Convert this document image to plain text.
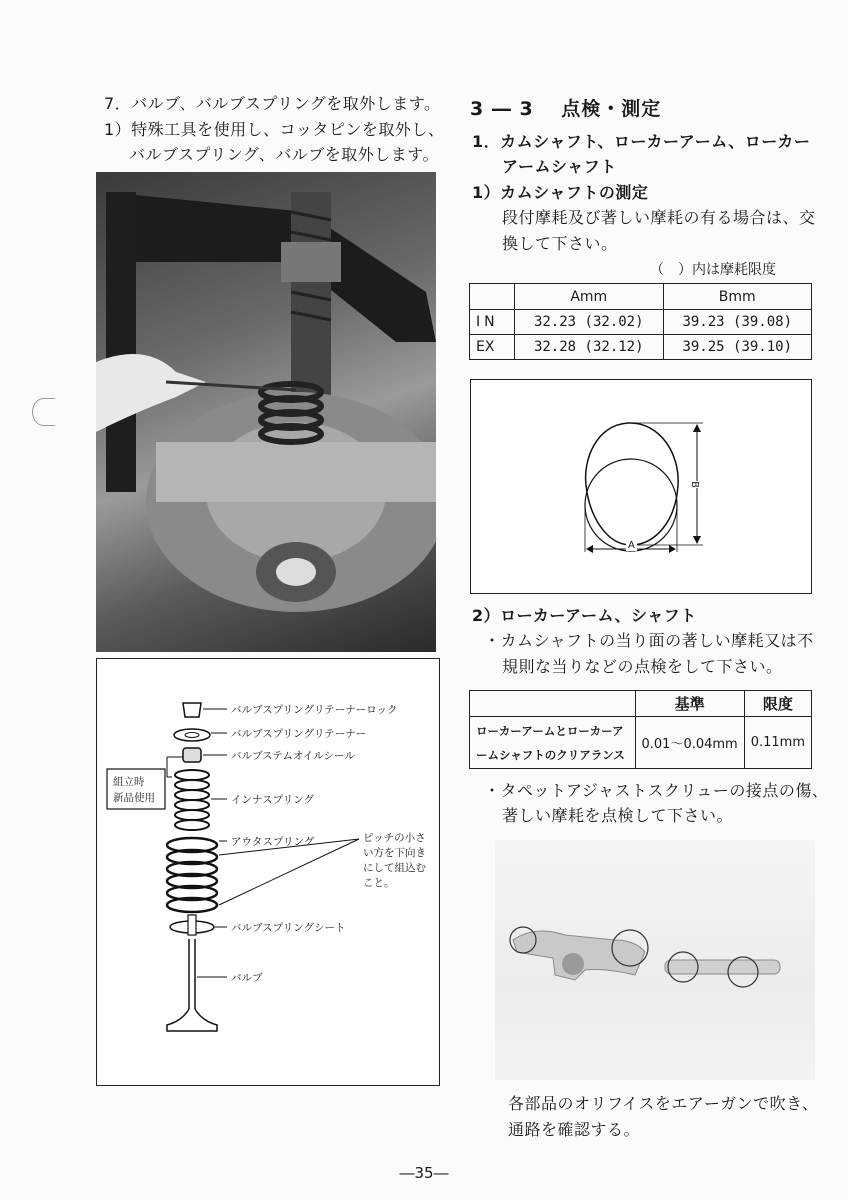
7．バルブ、バルブスプリングを取外します。
1）特殊工具を使用し、コッタピンを取外し、
バルブスプリング、バルブを取外します。
バルブスプリングリテーナーロック
バルブスプリングリテーナー
バルブステムオイルシール
インナスプリング
アウタスプリング
バルブスプリングシート
バルブ
組立時
新品使用
ピッチの小さ
い方を下向き
にして組込む
こと。
3 ― 3　 点検・測定
1．カムシャフト、ローカーアーム、ローカー
アームシャフト
1）カムシャフトの測定
段付摩耗及び著しい摩耗の有る場合は、交
換して下さい。
（　）内は摩耗限度
	Amm	Bmm
IN	32.23 (32.02)	39.23 (39.08)
EX	32.28 (32.12)	39.25 (39.10)
A
B
2）ローカーアーム、シャフト
・カムシャフトの当り面の著しい摩耗又は不
規則な当りなどの点検をして下さい。
	基準	限度

ローカーアームとローカーア
ームシャフトのクリアランス	0.01～0.04mm	0.11mm
・タペットアジャストスクリューの接点の傷、
著しい摩耗を点検して下さい。
各部品のオリフイスをエアーガンで吹き、
通路を確認する。
―35―
